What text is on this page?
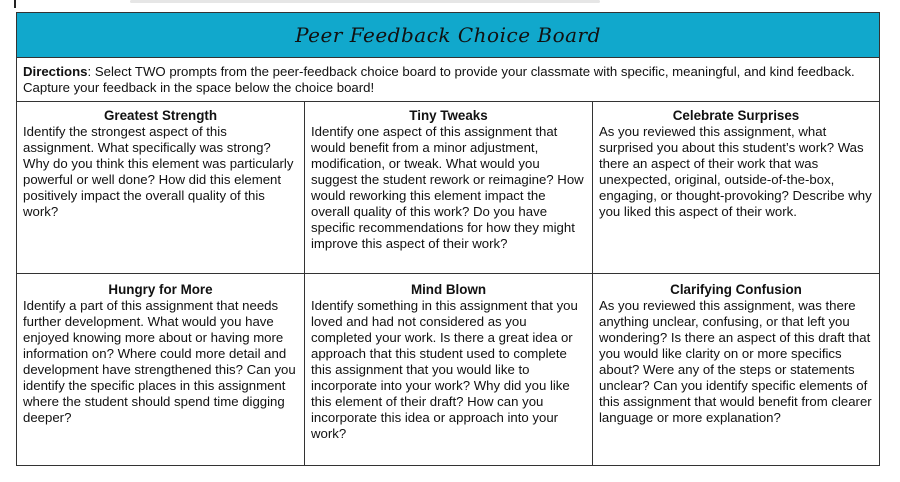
Peer Feedback Choice Board
Directions: Select TWO prompts from the peer-feedback choice board to provide your classmate with specific, meaningful, and kind feedback. Capture your feedback in the space below the choice board!
Greatest Strength
Identify the strongest aspect of this assignment. What specifically was strong? Why do you think this element was particularly powerful or well done? How did this element positively impact the overall quality of this work?
Tiny Tweaks
Identify one aspect of this assignment that would benefit from a minor adjustment, modification, or tweak. What would you suggest the student rework or reimagine? How would reworking this element impact the overall quality of this work? Do you have specific recommendations for how they might improve this aspect of their work?
Celebrate Surprises
As you reviewed this assignment, what surprised you about this student’s work? Was there an aspect of their work that was unexpected, original, outside-of-the-box, engaging, or thought-provoking? Describe why you liked this aspect of their work.
Hungry for More
Identify a part of this assignment that needs further development. What would you have enjoyed knowing more about or having more information on? Where could more detail and development have strengthened this? Can you identify the specific places in this assignment where the student should spend time digging deeper?
Mind Blown
Identify something in this assignment that you loved and had not considered as you completed your work. Is there a great idea or approach that this student used to complete this assignment that you would like to incorporate into your work? Why did you like this element of their draft? How can you incorporate this idea or approach into your work?
Clarifying Confusion
As you reviewed this assignment, was there anything unclear, confusing, or that left you wondering? Is there an aspect of this draft that you would like clarity on or more specifics about? Were any of the steps or statements unclear? Can you identify specific elements of this assignment that would benefit from clearer language or more explanation?
